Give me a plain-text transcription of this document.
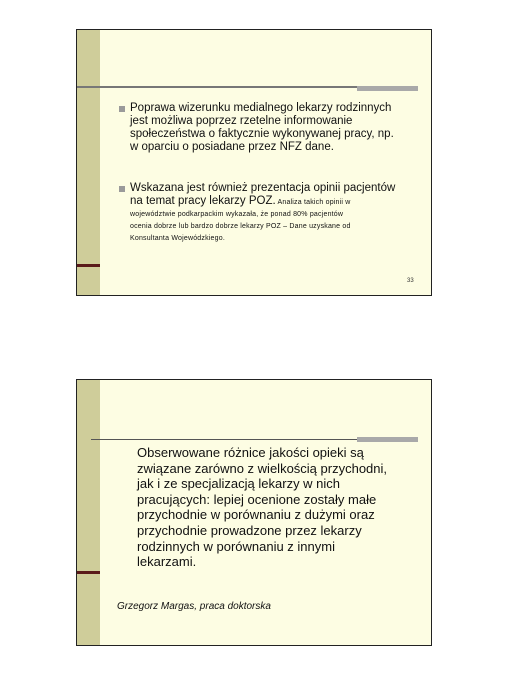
Poprawa wizerunku medialnego lekarzy rodzinnych
jest możliwa poprzez rzetelne informowanie
społeczeństwa o faktycznie wykonywanej pracy, np.
w oparciu o posiadane przez NFZ dane.
Wskazana jest również prezentacja opinii pacjentów
na temat pracy lekarzy POZ. Analiza takich opinii w
województwie podkarpackim wykazała, że ponad 80% pacjentów
ocenia dobrze lub bardzo dobrze lekarzy POZ – Dane uzyskane od
Konsultanta Wojewódzkiego.
33
Obserwowane różnice jakości opieki są
związane zarówno z wielkością przychodni,
jak i ze specjalizacją lekarzy w nich
pracujących: lepiej ocenione zostały małe
przychodnie w porównaniu z dużymi oraz
przychodnie prowadzone przez lekarzy
rodzinnych w porównaniu z innymi
lekarzami.
Grzegorz Margas, praca doktorska
